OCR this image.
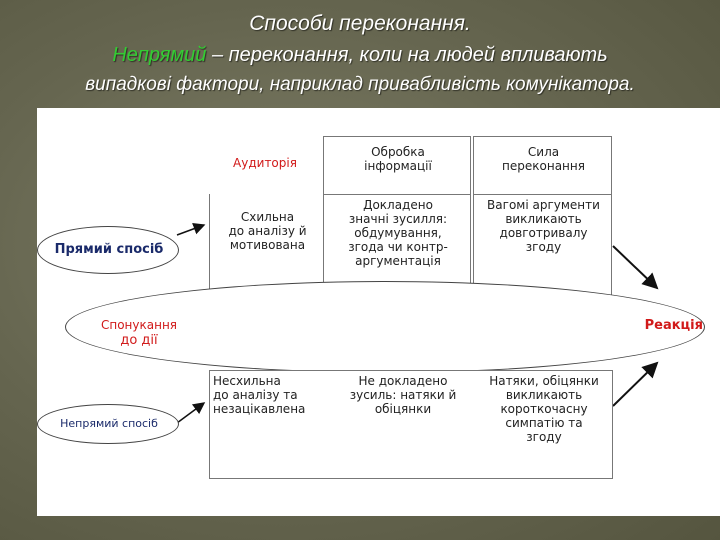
Способи переконання.
Непрямий – переконання, коли на людей впливають
випадкові фактори, наприклад привабливість комунікатора.
Обробка
інформації
Сила
переконання
Аудиторія
Схильна
до аналізу й
мотивована
Докладено
значні зусилля:
обдумування,
згода чи контр-
аргументація
Вагомі аргументи
викликають
довготривалу
згоду
Прямий спосіб
Спонукання
до дії
Реакція
Несхильна
до аналізу та
незацікавлена
Не докладено
зусиль: натяки й
обіцянки
Натяки, обіцянки
викликають
короткочасну
симпатію та
згоду
Непрямий спосіб
